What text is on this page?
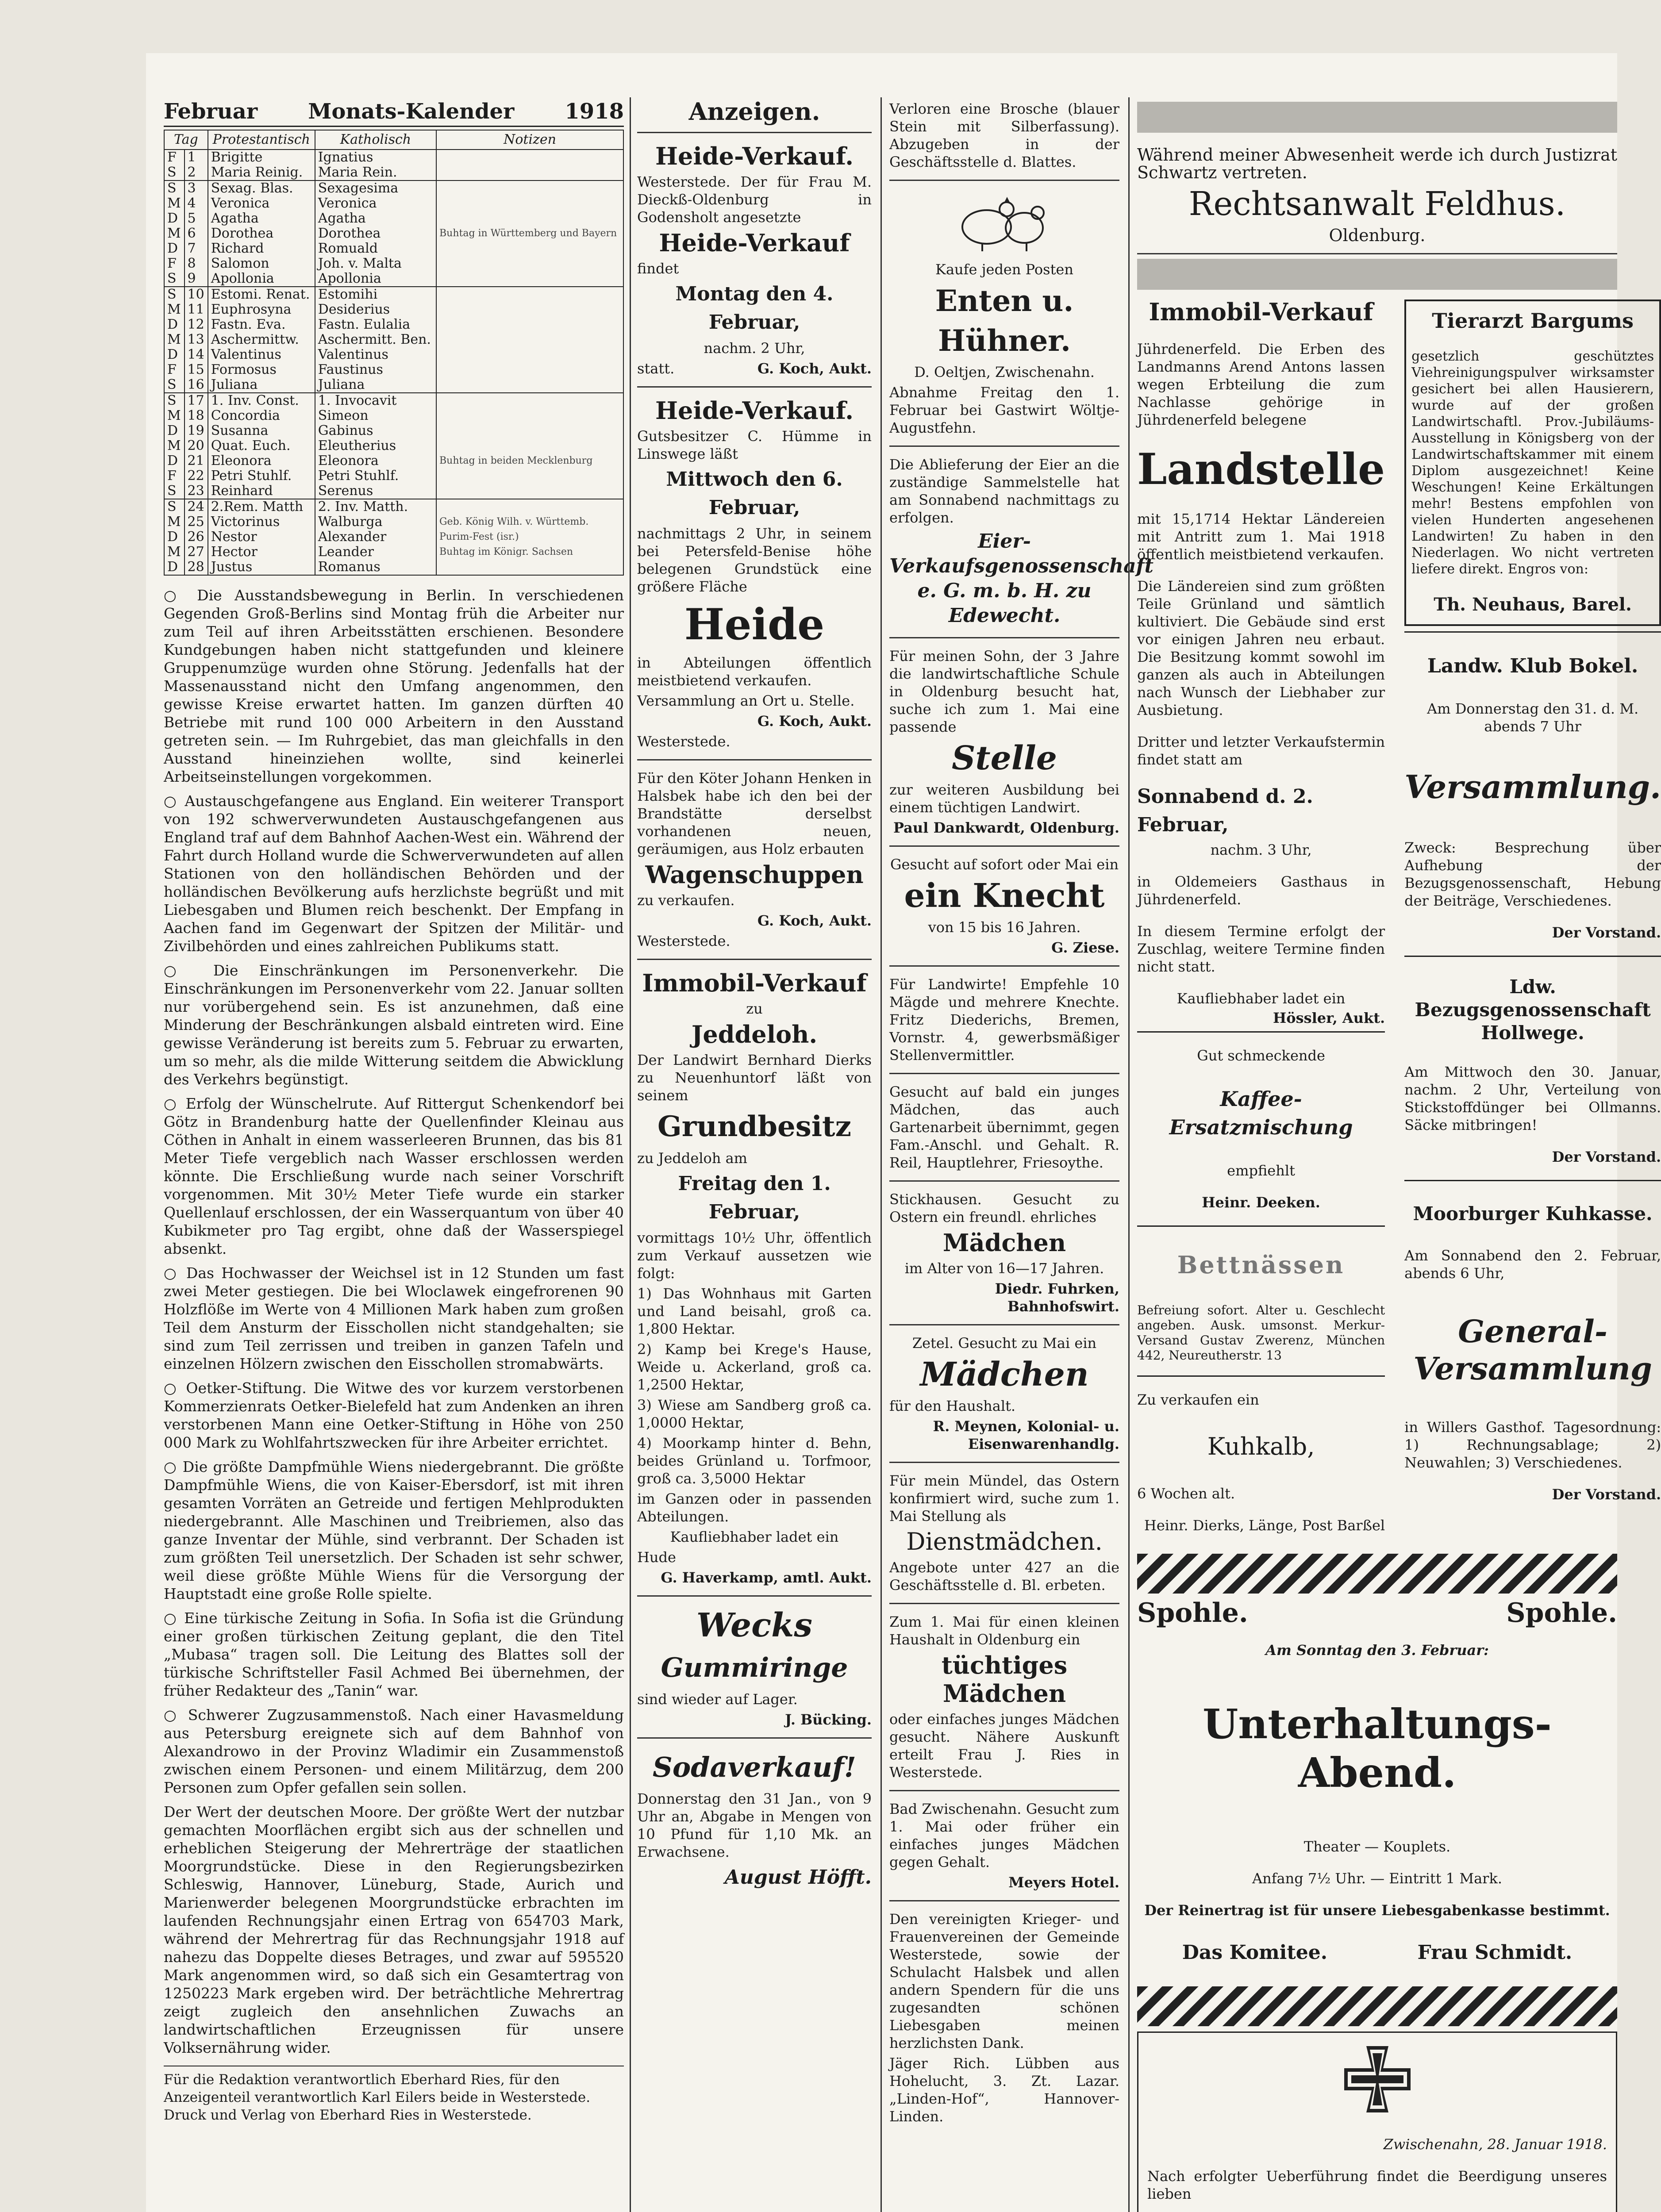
Februar Monats-Kalender 1918
Tag		Protestantisch	Katholisch	Notizen
F	1	Brigitte	Ignatius	
S	2	Maria Reinig.	Maria Rein.	
S	3	Sexag. Blas.	Sexagesima	
M	4	Veronica	Veronica	
D	5	Agatha	Agatha	
M	6	Dorothea	Dorothea	Buhtag in Württemberg und Bayern
D	7	Richard	Romuald	
F	8	Salomon	Joh. v. Malta	
S	9	Apollonia	Apollonia	
S	10	Estomi. Renat.	Estomihi	
M	11	Euphrosyna	Desiderius	
D	12	Fastn. Eva.	Fastn. Eulalia	
M	13	Aschermittw.	Aschermitt. Ben.	
D	14	Valentinus	Valentinus	
F	15	Formosus	Faustinus	
S	16	Juliana	Juliana	
S	17	1. Inv. Const.	1. Invocavit	
M	18	Concordia	Simeon	
D	19	Susanna	Gabinus	
M	20	Quat. Euch.	Eleutherius	
D	21	Eleonora	Eleonora	Buhtag in beiden Mecklenburg
F	22	Petri Stuhlf.	Petri Stuhlf.	
S	23	Reinhard	Serenus	
S	24	2.Rem. Matth	2. Inv. Matth.	
M	25	Victorinus	Walburga	Geb. König Wilh. v. Württemb.
D	26	Nestor	Alexander	Purim-Fest (isr.)
M	27	Hector	Leander	Buhtag im Königr. Sachsen
D	28	Justus	Romanus	

○ Die Ausstandsbewegung in Berlin. In verschiedenen Gegenden Groß-Berlins sind Montag früh die Arbeiter nur zum Teil auf ihren Arbeitsstätten erschienen. Besondere Kundgebungen haben nicht stattgefunden und kleinere Gruppenumzüge wurden ohne Störung. Jedenfalls hat der Massenausstand nicht den Umfang angenommen, den gewisse Kreise erwartet hatten. Im ganzen dürften 40 Betriebe mit rund 100 000 Arbeitern in den Ausstand getreten sein. — Im Ruhrgebiet, das man gleichfalls in den Ausstand hineinziehen wollte, sind keinerlei Arbeitseinstellungen vorgekommen.

○ Austauschgefangene aus England. Ein weiterer Transport von 192 schwerverwundeten Austauschgefangenen aus England traf auf dem Bahnhof Aachen-West ein. Während der Fahrt durch Holland wurde die Schwerverwundeten auf allen Stationen von den holländischen Behörden und der holländischen Bevölkerung aufs herzlichste begrüßt und mit Liebesgaben und Blumen reich beschenkt. Der Empfang in Aachen fand im Gegenwart der Spitzen der Militär- und Zivilbehörden und eines zahlreichen Publikums statt.

○ Die Einschränkungen im Personenverkehr. Die Einschränkungen im Personenverkehr vom 22. Januar sollten nur vorübergehend sein. Es ist anzunehmen, daß eine Minderung der Beschränkungen alsbald eintreten wird. Eine gewisse Veränderung ist bereits zum 5. Februar zu erwarten, um so mehr, als die milde Witterung seitdem die Abwicklung des Verkehrs begünstigt.

○ Erfolg der Wünschelrute. Auf Rittergut Schenkendorf bei Götz in Brandenburg hatte der Quellenfinder Kleinau aus Cöthen in Anhalt in einem wasserleeren Brunnen, das bis 81 Meter Tiefe vergeblich nach Wasser erschlossen werden könnte. Die Erschließung wurde nach seiner Vorschrift vorgenommen. Mit 30½ Meter Tiefe wurde ein starker Quellenlauf erschlossen, der ein Wasserquantum von über 40 Kubikmeter pro Tag ergibt, ohne daß der Wasserspiegel absenkt.

○ Das Hochwasser der Weichsel ist in 12 Stunden um fast zwei Meter gestiegen. Die bei Wloclawek eingefrorenen 90 Holzflöße im Werte von 4 Millionen Mark haben zum großen Teil dem Ansturm der Eisschollen nicht standgehalten; sie sind zum Teil zerrissen und treiben in ganzen Tafeln und einzelnen Hölzern zwischen den Eisschollen stromabwärts.

○ Oetker-Stiftung. Die Witwe des vor kurzem verstorbenen Kommerzienrats Oetker-Bielefeld hat zum Andenken an ihren verstorbenen Mann eine Oetker-Stiftung in Höhe von 250 000 Mark zu Wohlfahrtszwecken für ihre Arbeiter errichtet.

○ Die größte Dampfmühle Wiens niedergebrannt. Die größte Dampfmühle Wiens, die von Kaiser-Ebersdorf, ist mit ihren gesamten Vorräten an Getreide und fertigen Mehlprodukten niedergebrannt. Alle Maschinen und Treibriemen, also das ganze Inventar der Mühle, sind verbrannt. Der Schaden ist zum größten Teil unersetzlich. Der Schaden ist sehr schwer, weil diese größte Mühle Wiens für die Versorgung der Hauptstadt eine große Rolle spielte.

○ Eine türkische Zeitung in Sofia. In Sofia ist die Gründung einer großen türkischen Zeitung geplant, die den Titel „Mubasa“ tragen soll. Die Leitung des Blattes soll der türkische Schriftsteller Fasil Achmed Bei übernehmen, der früher Redakteur des „Tanin“ war.

○ Schwerer Zugzusammenstoß. Nach einer Havasmeldung aus Petersburg ereignete sich auf dem Bahnhof von Alexandrowo in der Provinz Wladimir ein Zusammenstoß zwischen einem Personen- und einem Militärzug, dem 200 Personen zum Opfer gefallen sein sollen.

Der Wert der deutschen Moore. Der größte Wert der nutzbar gemachten Moorflächen ergibt sich aus der schnellen und erheblichen Steigerung der Mehrerträge der staatlichen Moorgrundstücke. Diese in den Regierungsbezirken Schleswig, Hannover, Lüneburg, Stade, Aurich und Marienwerder belegenen Moorgrundstücke erbrachten im laufenden Rechnungsjahr einen Ertrag von 654703 Mark, während der Mehrertrag für das Rechnungsjahr 1918 auf nahezu das Doppelte dieses Betrages, und zwar auf 595520 Mark angenommen wird, so daß sich ein Gesamtertrag von 1250223 Mark ergeben wird. Der beträchtliche Mehrertrag zeigt zugleich den ansehnlichen Zuwachs an landwirtschaftlichen Erzeugnissen für unsere Volksernährung wider.

Für die Redaktion verantwortlich Eberhard Ries, für den Anzeigenteil verantwortlich Karl Eilers beide in Westerstede. Druck und Verlag von Eberhard Ries in Westerstede.
Anzeigen.

Heide-Verkauf.

Westerstede. Der für Frau M. Dieckß-Oldenburg in Godensholt angesetzte

Heide-Verkauf

findet

Montag den 4. Februar,

nachm. 2 Uhr,

statt.	G. Koch, Aukt.

Heide-Verkauf.

Gutsbesitzer C. Hümme in Linswege läßt

Mittwoch den 6. Februar,

nachmittags 2 Uhr, in seinem bei Petersfeld-Benise höhe belegenen Grundstück eine größere Fläche

Heide

in Abteilungen öffentlich meistbietend verkaufen.

Versammlung an Ort u. Stelle.

G. Koch, Aukt.

Westerstede.

Für den Köter Johann Henken in Halsbek habe ich den bei der Brandstätte derselbst vorhandenen neuen, geräumigen, aus Holz erbauten

Wagenschuppen

zu verkaufen.

G. Koch, Aukt.

Westerstede.

Immobil-Verkauf

zu

Jeddeloh.

Der Landwirt Bernhard Dierks zu Neuenhuntorf läßt von seinem

Grundbesitz

zu Jeddeloh am

Freitag den 1. Februar,

vormittags 10½ Uhr, öffentlich zum Verkauf aussetzen wie folgt:

1) Das Wohnhaus mit Garten und Land beisahl, groß ca. 1,800 Hektar.

2) Kamp bei Krege's Hause, Weide u. Ackerland, groß ca. 1,2500 Hektar,

3) Wiese am Sandberg groß ca. 1,0000 Hektar,

4) Moorkamp hinter d. Behn, beides Grünland u. Torfmoor, groß ca. 3,5000 Hektar

im Ganzen oder in passenden Abteilungen.

Kaufliebhaber ladet ein

Hude

G. Haverkamp, amtl. Aukt.

Wecks

Gummiringe

sind wieder auf Lager.

J. Bücking.

Sodaverkauf!

Donnerstag den 31 Jan., von 9 Uhr an, Abgabe in Mengen von 10 Pfund für 1,10 Mk. an Erwachsene.

August Höfft.

Verloren eine Brosche (blauer Stein mit Silberfassung). Abzugeben in der Geschäftsstelle d. Blattes.

Kaufe jeden Posten

Enten u. Hühner.

D. Oeltjen, Zwischenahn.

Abnahme Freitag den 1. Februar bei Gastwirt Wöltje-Augustfehn.

Die Ablieferung der Eier an die zuständige Sammelstelle hat am Sonnabend nachmittags zu erfolgen.

Eier-Verkaufsgenossenschaft e. G. m. b. H. zu Edewecht.

Für meinen Sohn, der 3 Jahre die landwirtschaftliche Schule in Oldenburg besucht hat, suche ich zum 1. Mai eine passende

Stelle

zur weiteren Ausbildung bei einem tüchtigen Landwirt.

Paul Dankwardt, Oldenburg.

Gesucht auf sofort oder Mai ein

ein Knecht

von 15 bis 16 Jahren.

G. Ziese.

Für Landwirte! Empfehle 10 Mägde und mehrere Knechte. Fritz Diederichs, Bremen, Vornstr. 4, gewerbsmäßiger Stellenvermittler.

Gesucht auf bald ein junges Mädchen, das auch Gartenarbeit übernimmt, gegen Fam.-Anschl. und Gehalt. R. Reil, Hauptlehrer, Friesoythe.

Stickhausen. Gesucht zu Ostern ein freundl. ehrliches

Mädchen

im Alter von 16—17 Jahren.

Diedr. Fuhrken, Bahnhofswirt.

Zetel. Gesucht zu Mai ein

Mädchen

für den Haushalt.

R. Meynen, Kolonial- u. Eisenwarenhandlg.

Für mein Mündel, das Ostern konfirmiert wird, suche zum 1. Mai Stellung als

Dienstmädchen.

Angebote unter 427 an die Geschäftsstelle d. Bl. erbeten.

Zum 1. Mai für einen kleinen Haushalt in Oldenburg ein

tüchtiges Mädchen

oder einfaches junges Mädchen gesucht. Nähere Auskunft erteilt Frau J. Ries in Westerstede.

Bad Zwischenahn. Gesucht zum 1. Mai oder früher ein einfaches junges Mädchen gegen Gehalt.

Meyers Hotel.

Den vereinigten Krieger- und Frauenvereinen der Gemeinde Westerstede, sowie der Schulacht Halsbek und allen andern Spendern für die uns zugesandten schönen Liebesgaben meinen herzlichsten Dank.

Jäger Rich. Lübben aus Hohelucht, 3. Zt. Lazar. „Linden-Hof“, Hannover-Linden.

Während meiner Abwesenheit werde ich durch Justizrat Schwartz vertreten.

Rechtsanwalt Feldhus.

Oldenburg.

Immobil-Verkauf

Jührdenerfeld. Die Erben des Landmanns Arend Antons lassen wegen Erbteilung die zum Nachlasse gehörige in Jührdenerfeld belegene

Landstelle

mit 15,1714 Hektar Ländereien mit Antritt zum 1. Mai 1918 öffentlich meistbietend verkaufen.

Die Ländereien sind zum größten Teile Grünland und sämtlich kultiviert. Die Gebäude sind erst vor einigen Jahren neu erbaut. Die Besitzung kommt sowohl im ganzen als auch in Abteilungen nach Wunsch der Liebhaber zur Ausbietung.

Dritter und letzter Verkaufstermin findet statt am

Sonnabend d. 2. Februar,

nachm. 3 Uhr,

in Oldemeiers Gasthaus in Jührdenerfeld.

In diesem Termine erfolgt der Zuschlag, weitere Termine finden nicht statt.

Kaufliebhaber ladet ein

Hössler, Aukt.

Gut schmeckende

Kaffee-Ersatzmischung

empfiehlt

Heinr. Deeken.

Bettnässen

Befreiung sofort. Alter u. Geschlecht angeben. Ausk. umsonst. Merkur-Versand Gustav Zwerenz, München 442, Neureutherstr. 13

Zu verkaufen ein

Kuhkalb,

6 Wochen alt.

Heinr. Dierks, Länge, Post Barßel

Tierarzt Bargums

gesetzlich geschütztes Viehreinigungspulver wirksamster gesichert bei allen Hausierern, wurde auf der großen Landwirtschaftl. Prov.-Jubiläums-Ausstellung in Königsberg von der Landwirtschaftskammer mit einem Diplom ausgezeichnet! Keine Weschungen! Keine Erkältungen mehr! Bestens empfohlen von vielen Hunderten angesehenen Landwirten! Zu haben in den Niederlagen. Wo nicht vertreten liefere direkt. Engros von:

Th. Neuhaus, Barel.

Landw. Klub Bokel.

Am Donnerstag den 31. d. M. abends 7 Uhr

Versammlung.

Zweck: Besprechung über Aufhebung der Bezugsgenossenschaft, Hebung der Beiträge, Verschiedenes.

Der Vorstand.

Ldw. Bezugsgenossenschaft Hollwege.

Am Mittwoch den 30. Januar, nachm. 2 Uhr, Verteilung von Stickstoffdünger bei Ollmanns. Säcke mitbringen!

Der Vorstand.

Moorburger Kuhkasse.

Am Sonnabend den 2. Februar, abends 6 Uhr,

General-Versammlung

in Willers Gasthof. Tagesordnung: 1) Rechnungsablage; 2) Neuwahlen; 3) Verschiedenes.

Der Vorstand.

Spohle.	Spohle.

Am Sonntag den 3. Februar:

Unterhaltungs-Abend.

Theater — Kouplets.

Anfang 7½ Uhr. — Eintritt 1 Mark.

Der Reinertrag ist für unsere Liebesgabenkasse bestimmt.

Das Komitee.	Frau Schmidt.

Zwischenahn, 28. Januar 1918.

Nach erfolgter Ueberführung findet die Beerdigung unseres lieben
